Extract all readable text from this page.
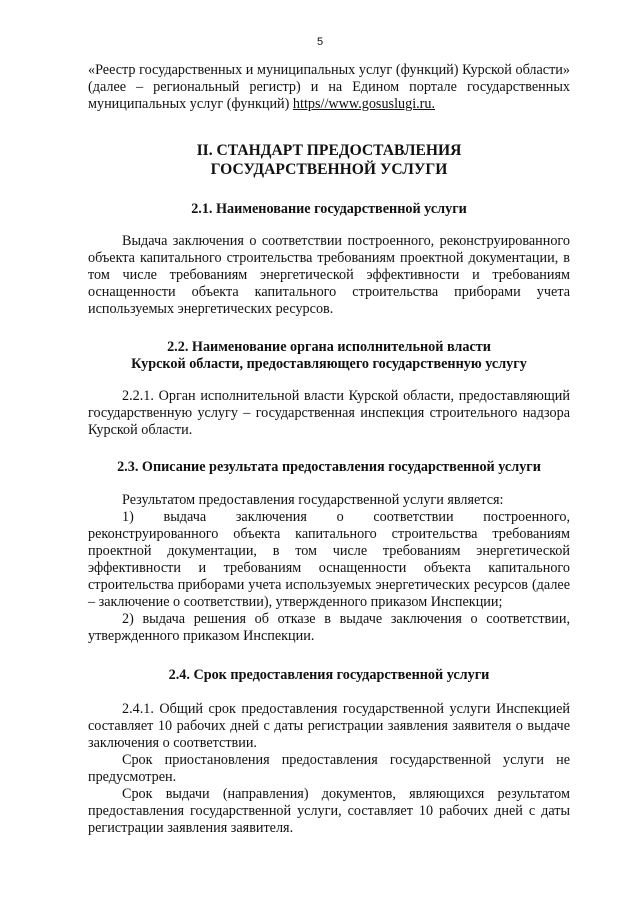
5

«Реестр государственных и муниципальных услуг (функций) Курской области» (далее – региональный регистр) и на Едином портале государственных муниципальных услуг (функций) https//www.gosuslugi.ru.

II. СТАНДАРТ ПРЕДОСТАВЛЕНИЯ
ГОСУДАРСТВЕННОЙ УСЛУГИ
2.1. Наименование государственной услуги

Выдача заключения о соответствии построенного, реконструированного объекта капитального строительства требованиям проектной документации, в том числе требованиям энергетической эффективности и требованиям оснащенности объекта капитального строительства приборами учета используемых энергетических ресурсов.

2.2. Наименование органа исполнительной власти
Курской области, предоставляющего государственную услугу

2.2.1. Орган исполнительной власти Курской области, предоставляющий государственную услугу – государственная инспекция строительного надзора Курской области.

2.3. Описание результата предоставления государственной услуги

Результатом предоставления государственной услуги является:

1) выдача заключения о соответствии построенного, реконструированного объекта капитального строительства требованиям проектной документации, в том числе требованиям энергетической эффективности и требованиям оснащенности объекта капитального строительства приборами учета используемых энергетических ресурсов (далее – заключение о соответствии), утвержденного приказом Инспекции;

2) выдача решения об отказе в выдаче заключения о соответствии, утвержденного приказом Инспекции.

2.4. Срок предоставления государственной услуги

2.4.1. Общий срок предоставления государственной услуги Инспекцией составляет 10 рабочих дней с даты регистрации заявления заявителя о выдаче заключения о соответствии.

Срок приостановления предоставления государственной услуги не предусмотрен.

Срок выдачи (направления) документов, являющихся результатом предоставления государственной услуги, составляет 10 рабочих дней с даты регистрации заявления заявителя.
